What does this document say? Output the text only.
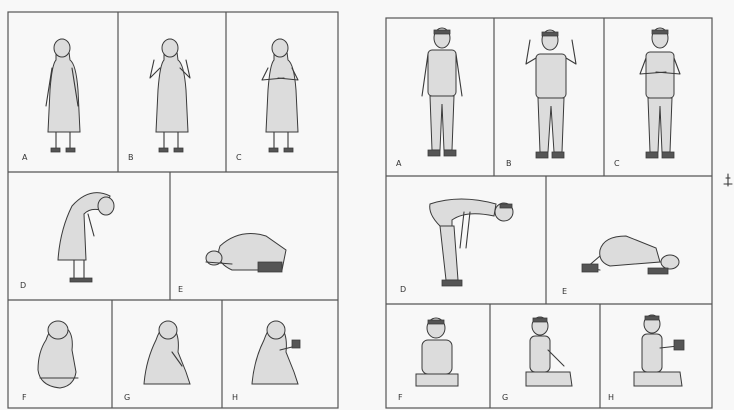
A	B	C
D	E
F	G	H
A	B	C
D	E
F	G	H
